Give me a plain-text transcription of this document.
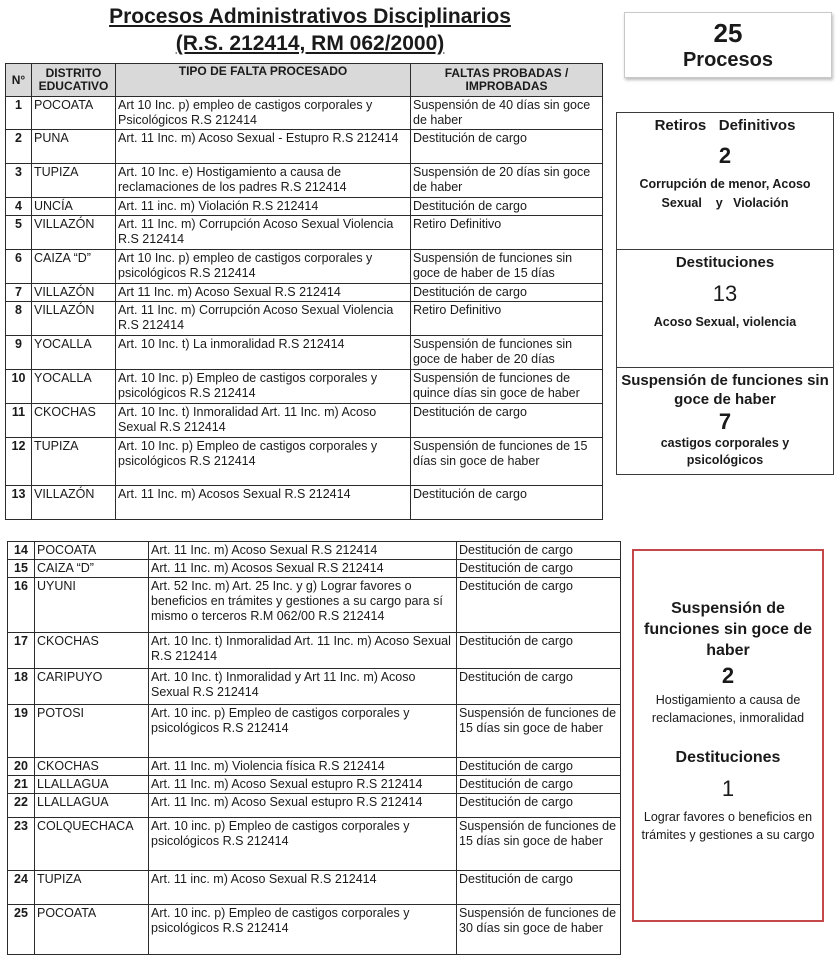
Procesos Administrativos Disciplinarios
(R.S. 212414, RM 062/2000)
N°	DISTRITO EDUCATIVO	TIPO DE FALTA PROCESADO	FALTAS PROBADAS / IMPROBADAS
1	POCOATA	Art 10 Inc. p) empleo de castigos corporales y Psicológicos R.S 212414	Suspensión de 40 días sin goce de haber
2	PUNA	Art. 11 Inc. m) Acoso Sexual - Estupro R.S 212414	Destitución de cargo
3	TUPIZA	Art. 10 Inc. e) Hostigamiento a causa de reclamaciones de los padres R.S 212414	Suspensión de 20 días sin goce de haber
4	UNCÍA	Art. 11 inc. m) Violación R.S 212414	Destitución de cargo
5	VILLAZÓN	Art. 11 Inc. m) Corrupción Acoso Sexual Violencia R.S 212414	Retiro Definitivo
6	CAIZA “D”	Art 10 Inc. p) empleo de castigos corporales y psicológicos R.S 212414	Suspensión de funciones sin goce de haber de 15 días
7	VILLAZÓN	Art 11 Inc. m) Acoso Sexual R.S 212414	Destitución de cargo
8	VILLAZÓN	Art. 11 Inc. m) Corrupción Acoso Sexual Violencia R.S 212414	Retiro Definitivo
9	YOCALLA	Art. 10 Inc. t) La inmoralidad R.S 212414	Suspensión de funciones sin goce de haber de 20 días
10	YOCALLA	Art. 10 Inc. p) Empleo de castigos corporales y psicológicos R.S 212414	Suspensión de funciones de quince días sin goce de haber
11	CKOCHAS	Art. 10 Inc. t) Inmoralidad Art. 11 Inc. m) Acoso Sexual R.S 212414	Destitución de cargo
12	TUPIZA	Art. 10 Inc. p) Empleo de castigos corporales y psicológicos R.S 212414	Suspensión de funciones de 15 días sin goce de haber
13	VILLAZÓN	Art. 11 Inc. m) Acosos Sexual R.S 212414	Destitución de cargo
14	POCOATA	Art. 11 Inc. m) Acoso Sexual R.S 212414	Destitución de cargo
15	CAIZA “D”	Art. 11 Inc. m) Acosos Sexual R.S 212414	Destitución de cargo
16	UYUNI	Art. 52 Inc. m) Art. 25 Inc. y g) Lograr favores o beneficios en trámites y gestiones a su cargo para sí mismo o terceros R.M 062/00 R.S 212414	Destitución de cargo
17	CKOCHAS	Art. 10 Inc. t) Inmoralidad Art. 11 Inc. m) Acoso Sexual R.S 212414	Destitución de cargo
18	CARIPUYO	Art. 10 Inc. t) Inmoralidad y Art 11 Inc. m) Acoso Sexual R.S 212414	Destitución de cargo
19	POTOSI	Art. 10 inc. p) Empleo de castigos corporales y psicológicos R.S 212414	Suspensión de funciones de 15 días sin goce de haber
20	CKOCHAS	Art. 11 Inc. m) Violencia física R.S 212414	Destitución de cargo
21	LLALLAGUA	Art. 11 Inc. m) Acoso Sexual estupro R.S 212414	Destitución de cargo
22	LLALLAGUA	Art. 11 Inc. m) Acoso Sexual estupro R.S 212414	Destitución de cargo
23	COLQUECHACA	Art. 10 inc. p) Empleo de castigos corporales y psicológicos R.S 212414	Suspensión de funciones de 15 días sin goce de haber
24	TUPIZA	Art. 11 inc. m) Acoso Sexual R.S 212414	Destitución de cargo
25	POCOATA	Art. 10 inc. p) Empleo de castigos corporales y psicológicos R.S 212414	Suspensión de funciones de 30 días sin goce de haber
25
Procesos
Retiros   Definitivos
2
Corrupción de menor, Acoso Sexual    y   Violación
Destituciones
13
Acoso Sexual, violencia
Suspensión de funciones sin goce de haber
7
castigos corporales y psicológicos
Suspensión de funciones sin goce de haber
2
Hostigamiento a causa de reclamaciones, inmoralidad
Destituciones
1
Lograr favores o beneficios en trámites y gestiones a su cargo
